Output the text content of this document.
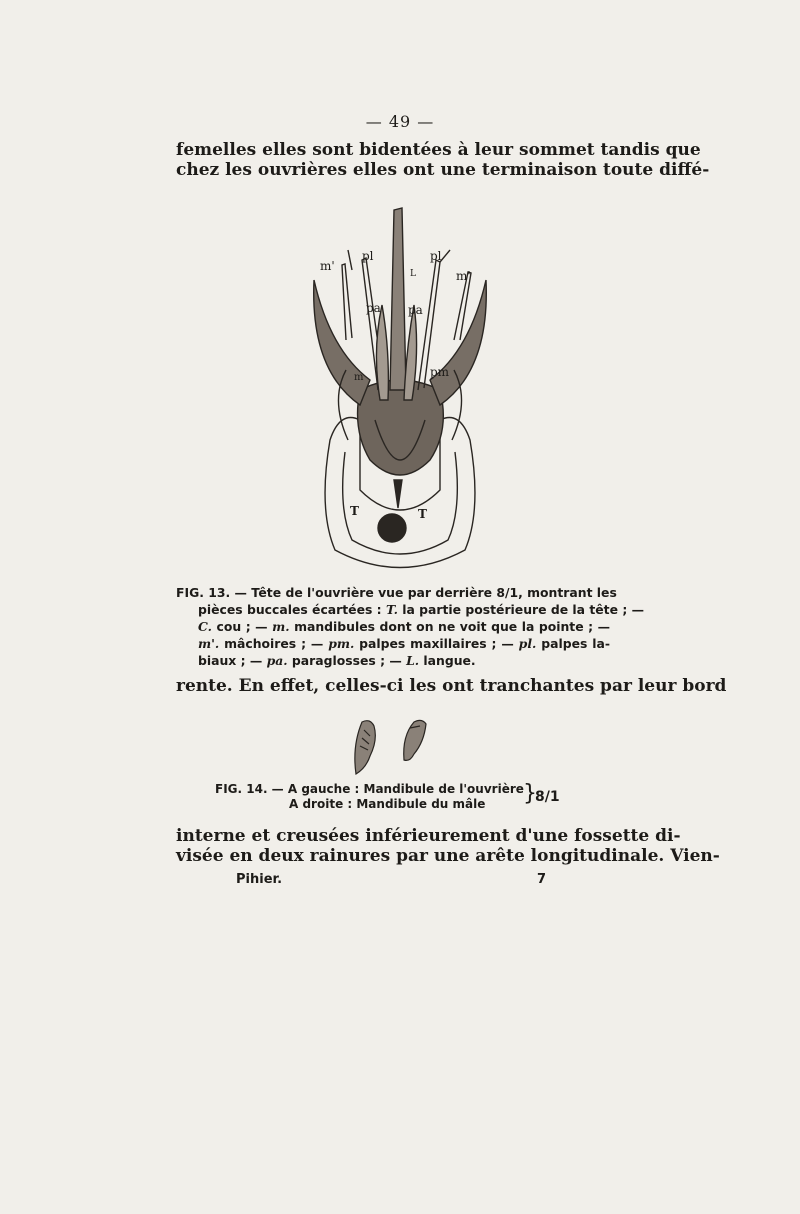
— 49 —
femelles elles sont bidentées à leur sommet tandis que
chez les ouvrières elles ont une terminaison toute diffé-
m'
pl
L
pl
m'
pa pa
m	pm
T	T
FIG. 13. — Tête de l'ouvrière vue par derrière 8/1, montrant les
pièces buccales écartées : T. la partie postérieure de la tête ; —
C. cou ; — m. mandibules dont on ne voit que la pointe ; —
m'. mâchoires ; — pm. palpes maxillaires ; — pl. palpes la-
biaux ; — pa. paraglosses ; — L. langue.
rente. En effet, celles-ci les ont tranchantes par leur bord
FIG. 14. — A gauche : Mandibule de l'ouvrière
A droite : Mandibule du mâle	}
8/1
interne et creusées inférieurement d'une fossette di-
visée en deux rainures par une arête longitudinale. Vien-
Pihier.	7
